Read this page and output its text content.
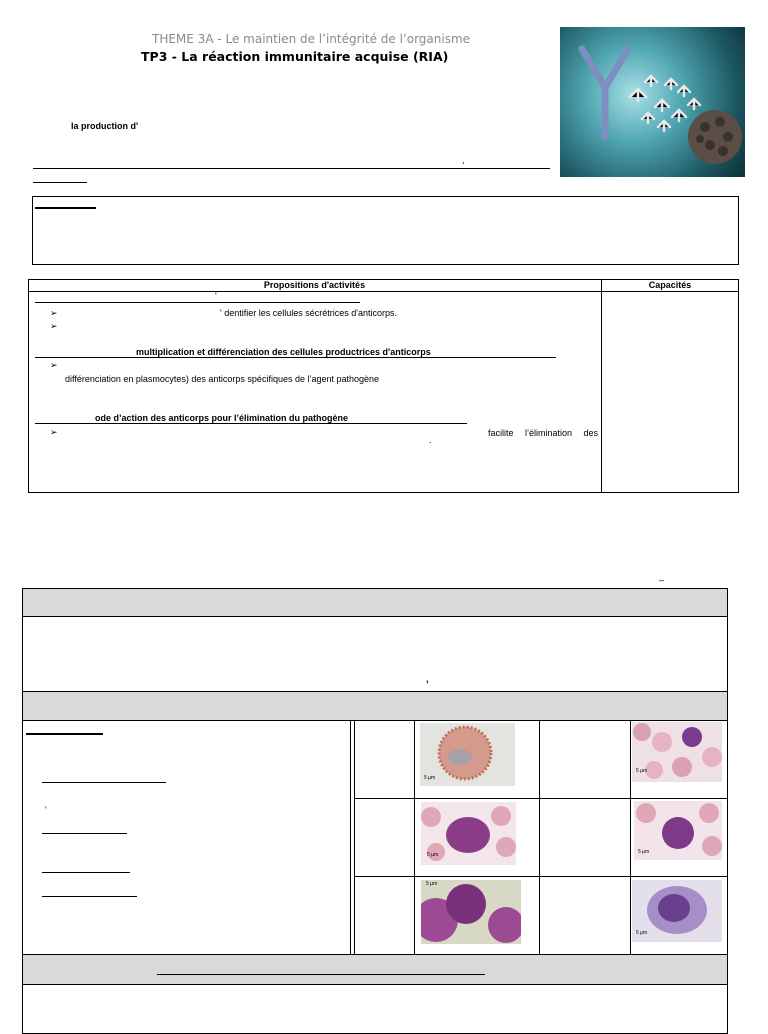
THEME 3A - Le maintien de l’intégrité de l’organisme
TP3 - La réaction immunitaire acquise (RIA)
la production d'
,
Propositions d'activités	Capacités
'
➢	' dentifier les cellules sécrétrices d'anticorps.
➢
multiplication et différenciation des cellules productrices d'anticorps
➢
différenciation en plasmocytes) des anticorps spécifiques de l’agent pathogène
ode d’action des anticorps pour l’élimination du pathogène
➢	facilite l’élimination des
.
–
,
'
5 µm
5 µm
5 µm	5 µm
5 µm
5 µm
